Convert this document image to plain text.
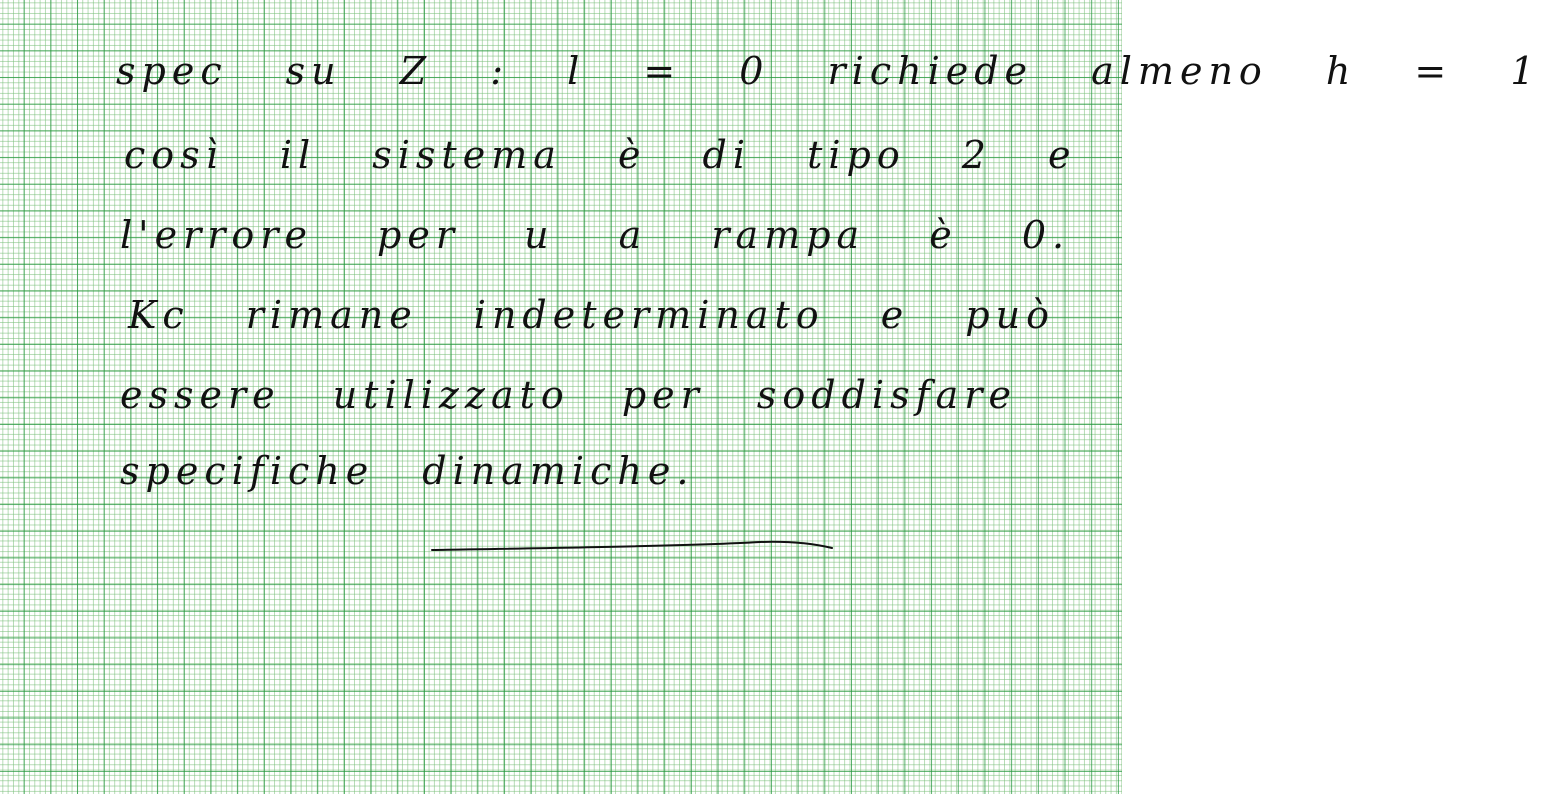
spec su Z : l = 0 richiede almeno h = 1
così il sistema è di tipo 2 e
l'errore per u a rampa è 0.
Kc rimane indeterminato e può
essere utilizzato per soddisfare
specifiche dinamiche.
